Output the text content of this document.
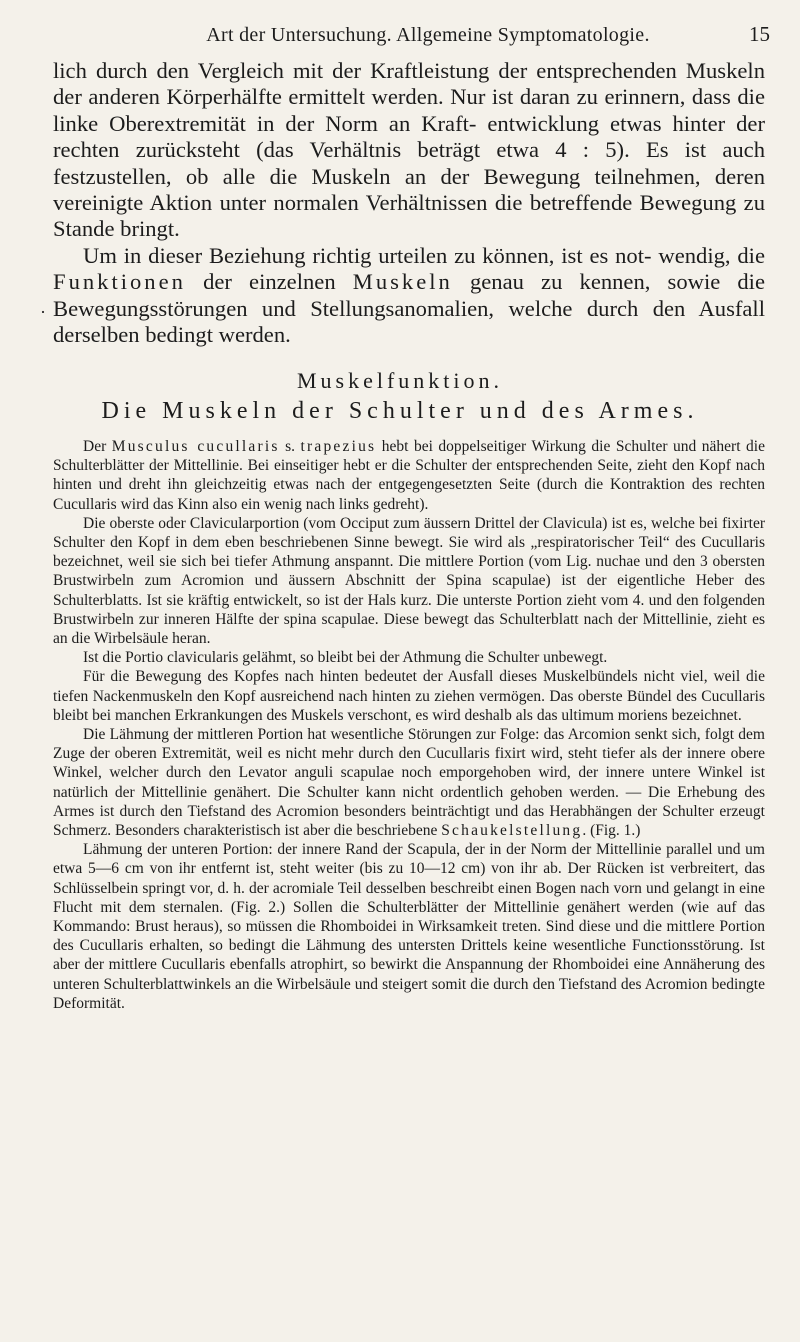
Art der Untersuchung. Allgemeine Symptomatologie.	15
·

lich durch den Vergleich mit der Kraftleistung der entsprechenden Muskeln der anderen Körperhälfte ermittelt werden. Nur ist daran zu erinnern, dass die linke Oberextremität in der Norm an Kraft- entwicklung etwas hinter der rechten zurücksteht (das Verhältnis beträgt etwa 4 : 5). Es ist auch festzustellen, ob alle die Muskeln an der Bewegung teilnehmen, deren vereinigte Aktion unter normalen Verhältnissen die betreffende Bewegung zu Stande bringt.

Um in dieser Beziehung richtig urteilen zu können, ist es not- wendig, die Funktionen der einzelnen Muskeln genau zu kennen, sowie die Bewegungsstörungen und Stellungsanomalien, welche durch den Ausfall derselben bedingt werden.

Muskelfunktion.
Die Muskeln der Schulter und des Armes.

Der Musculus cucullaris s. trapezius hebt bei doppelseitiger Wirkung die Schulter und nähert die Schulterblätter der Mittellinie. Bei einseitiger hebt er die Schulter der entsprechenden Seite, zieht den Kopf nach hinten und dreht ihn gleichzeitig etwas nach der entgegengesetzten Seite (durch die Kontraktion des rechten Cucullaris wird das Kinn also ein wenig nach links gedreht).

Die oberste oder Clavicularportion (vom Occiput zum äussern Drittel der Clavicula) ist es, welche bei fixirter Schulter den Kopf in dem eben beschriebenen Sinne bewegt. Sie wird als „respiratorischer Teil“ des Cucullaris bezeichnet, weil sie sich bei tiefer Athmung anspannt. Die mittlere Portion (vom Lig. nuchae und den 3 obersten Brustwirbeln zum Acromion und äussern Abschnitt der Spina scapulae) ist der eigentliche Heber des Schulterblatts. Ist sie kräftig entwickelt, so ist der Hals kurz. Die unterste Portion zieht vom 4. und den folgenden Brustwirbeln zur inneren Hälfte der spina scapulae. Diese bewegt das Schulterblatt nach der Mittellinie, zieht es an die Wirbelsäule heran.

Ist die Portio clavicularis gelähmt, so bleibt bei der Athmung die Schulter unbewegt.

Für die Bewegung des Kopfes nach hinten bedeutet der Ausfall dieses Muskelbündels nicht viel, weil die tiefen Nackenmuskeln den Kopf ausreichend nach hinten zu ziehen vermögen. Das oberste Bündel des Cucullaris bleibt bei manchen Erkrankungen des Muskels verschont, es wird deshalb als das ultimum moriens bezeichnet.

Die Lähmung der mittleren Portion hat wesentliche Störungen zur Folge: das Arcomion senkt sich, folgt dem Zuge der oberen Extremität, weil es nicht mehr durch den Cucullaris fixirt wird, steht tiefer als der innere obere Winkel, welcher durch den Levator anguli scapulae noch emporgehoben wird, der innere untere Winkel ist natürlich der Mittellinie genähert. Die Schulter kann nicht ordentlich gehoben werden. — Die Erhebung des Armes ist durch den Tiefstand des Acromion besonders beinträchtigt und das Herabhängen der Schulter erzeugt Schmerz. Besonders charakteristisch ist aber die beschriebene Schaukelstellung. (Fig. 1.)

Lähmung der unteren Portion: der innere Rand der Scapula, der in der Norm der Mittellinie parallel und um etwa 5—6 cm von ihr entfernt ist, steht weiter (bis zu 10—12 cm) von ihr ab. Der Rücken ist verbreitert, das Schlüsselbein springt vor, d. h. der acromiale Teil desselben beschreibt einen Bogen nach vorn und gelangt in eine Flucht mit dem sternalen. (Fig. 2.) Sollen die Schulterblätter der Mittellinie genähert werden (wie auf das Kommando: Brust heraus), so müssen die Rhomboidei in Wirksamkeit treten. Sind diese und die mittlere Portion des Cucullaris erhalten, so bedingt die Lähmung des untersten Drittels keine wesentliche Functionsstörung. Ist aber der mittlere Cucullaris ebenfalls atrophirt, so bewirkt die Anspannung der Rhomboidei eine Annäherung des unteren Schulterblattwinkels an die Wirbelsäule und steigert somit die durch den Tiefstand des Acromion bedingte Deformität.
